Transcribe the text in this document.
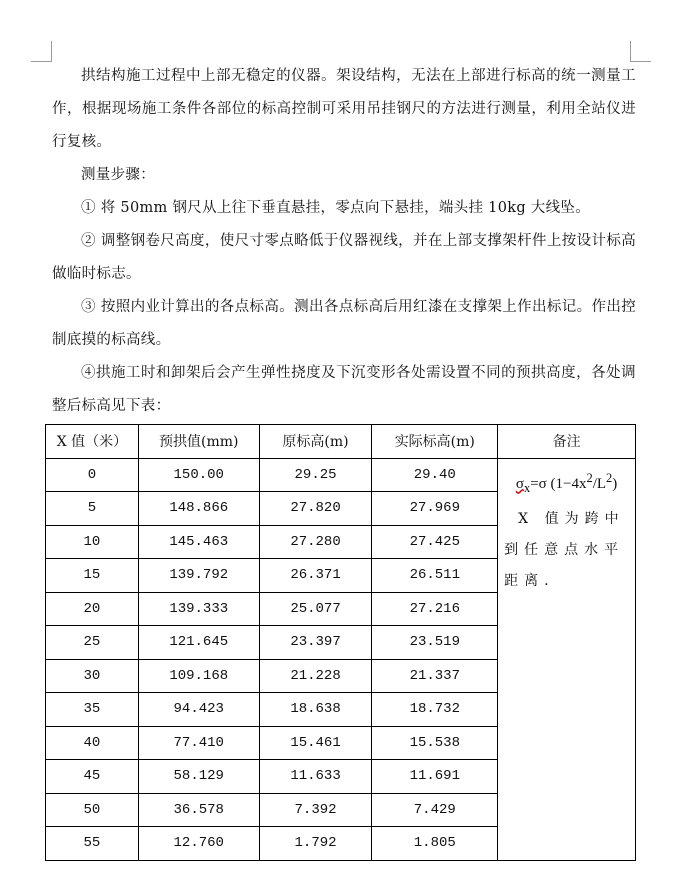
拱结构施工过程中上部无稳定的仪器。架设结构，无法在上部进行标高的统一测量工作，根据现场施工条件各部位的标高控制可采用吊挂钢尺的方法进行测量，利用全站仪进行复核。

测量步骤：

① 将 50mm 钢尺从上往下垂直悬挂，零点向下悬挂，端头挂 10kg 大线坠。

② 调整钢卷尺高度，使尺寸零点略低于仪器视线，并在上部支撑架杆件上按设计标高做临时标志。

③ 按照内业计算出的各点标高。测出各点标高后用红漆在支撑架上作出标记。作出控制底摸的标高线。

④拱施工时和卸架后会产生弹性挠度及下沉变形各处需设置不同的预拱高度，各处调整后标高见下表：

X 值（米）	预拱值(mm)	原标高(m)	实际标高(m)	备注
0	150.00	29.25	29.40	$\sigma_x=\sigma$ $(1-4x^2/L^2)$
X 值为跨中到任意点水平距离.

5	148.866	27.820	27.969	
10	145.463	27.280	27.425	
15	139.792	26.371	26.511	
20	139.333	25.077	27.216	
25	121.645	23.397	23.519	
30	109.168	21.228	21.337	
35	94.423	18.638	18.732	
40	77.410	15.461	15.538	
45	58.129	11.633	11.691	
50	36.578	7.392	7.429	
55	12.760	1.792	1.805	
